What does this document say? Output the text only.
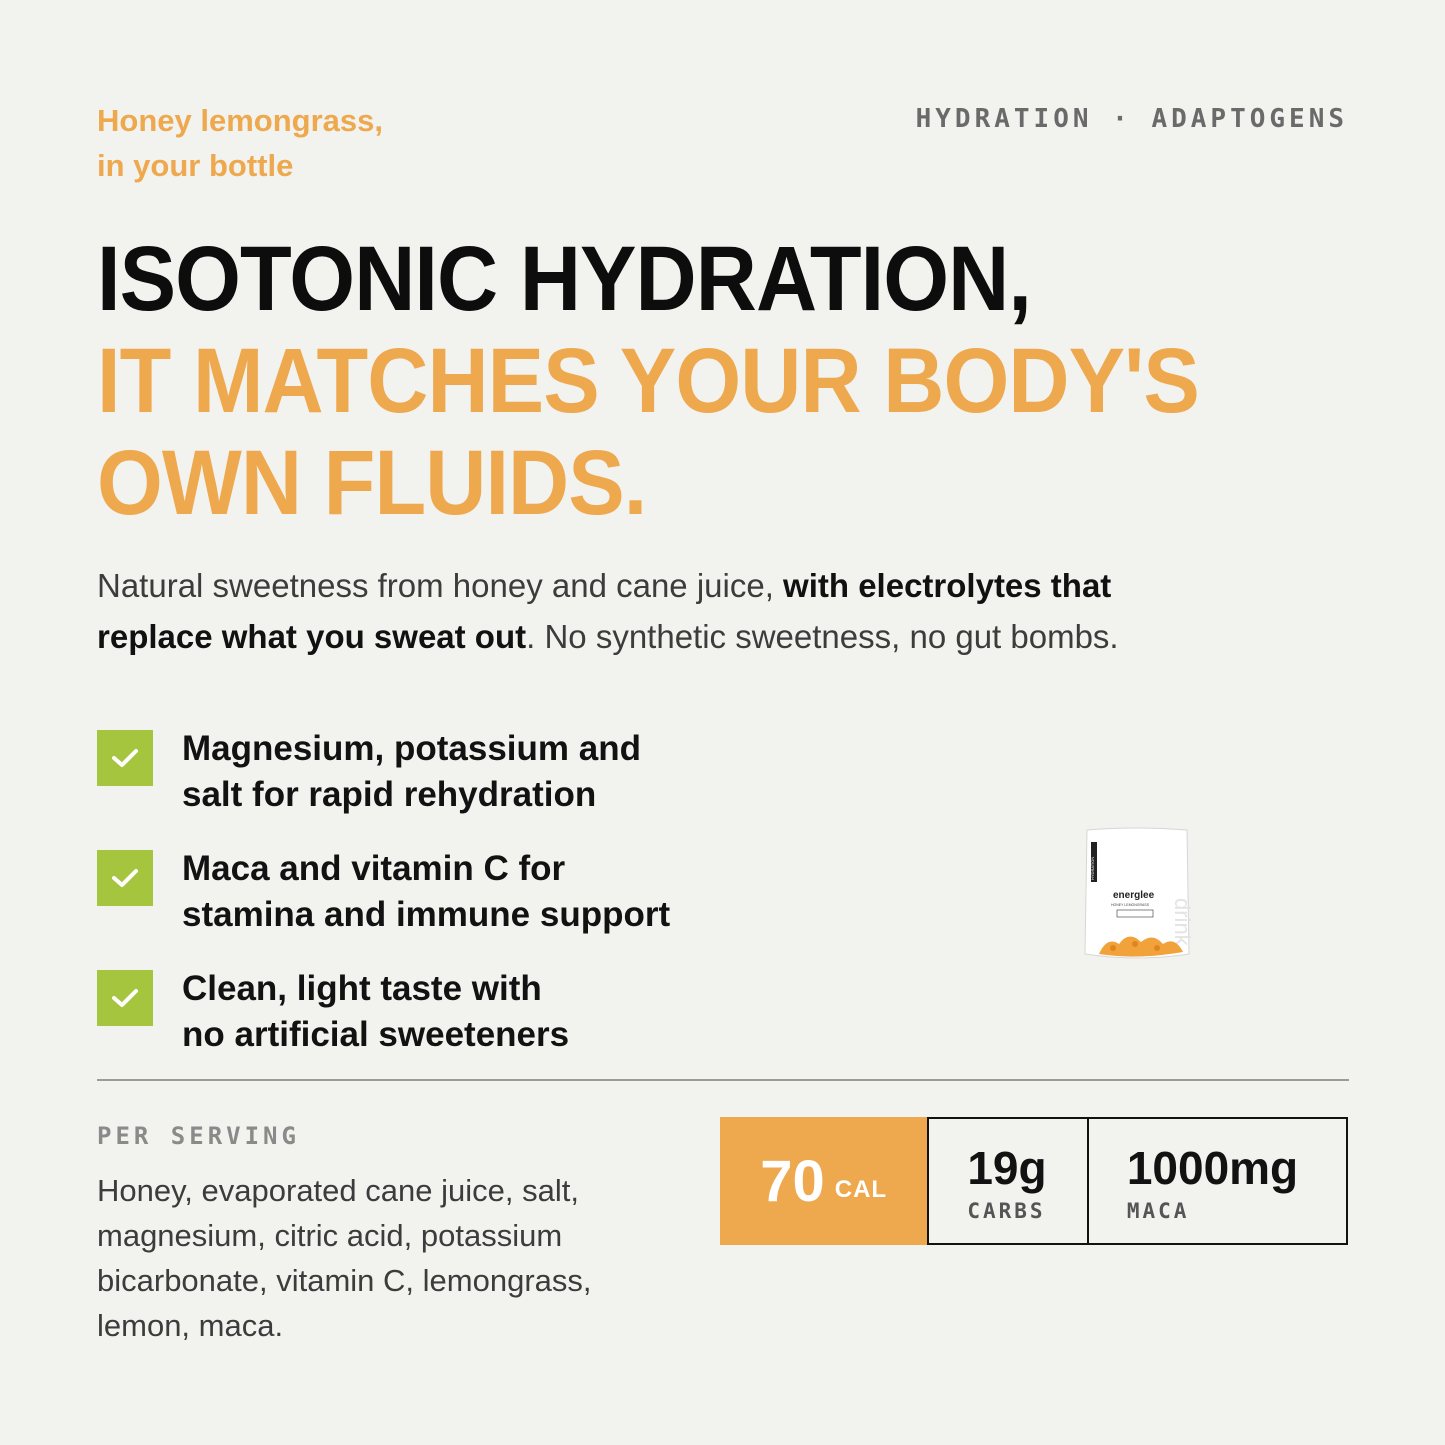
Honey lemongrass,
in your bottle
HYDRATION · ADAPTOGENS
ISOTONIC HYDRATION,
IT MATCHES YOUR BODY'S
OWN FLUIDS.
Natural sweetness from honey and cane juice, with electrolytes that replace what you sweat out. No synthetic sweetness, no gut bombs.
Magnesium, potassium and
salt for rapid rehydration
Maca and vitamin C for
stamina and immune support
Clean, light taste with
no artificial sweeteners
HYDRATION
energlee
HONEY LEMONGRASS drink
PER SERVING
Honey, evaporated cane juice, salt, magnesium, citric acid, potassium bicarbonate, vitamin C, lemongrass, lemon, maca.
70 CAL 19g
CARBS
1000mg
MACA
